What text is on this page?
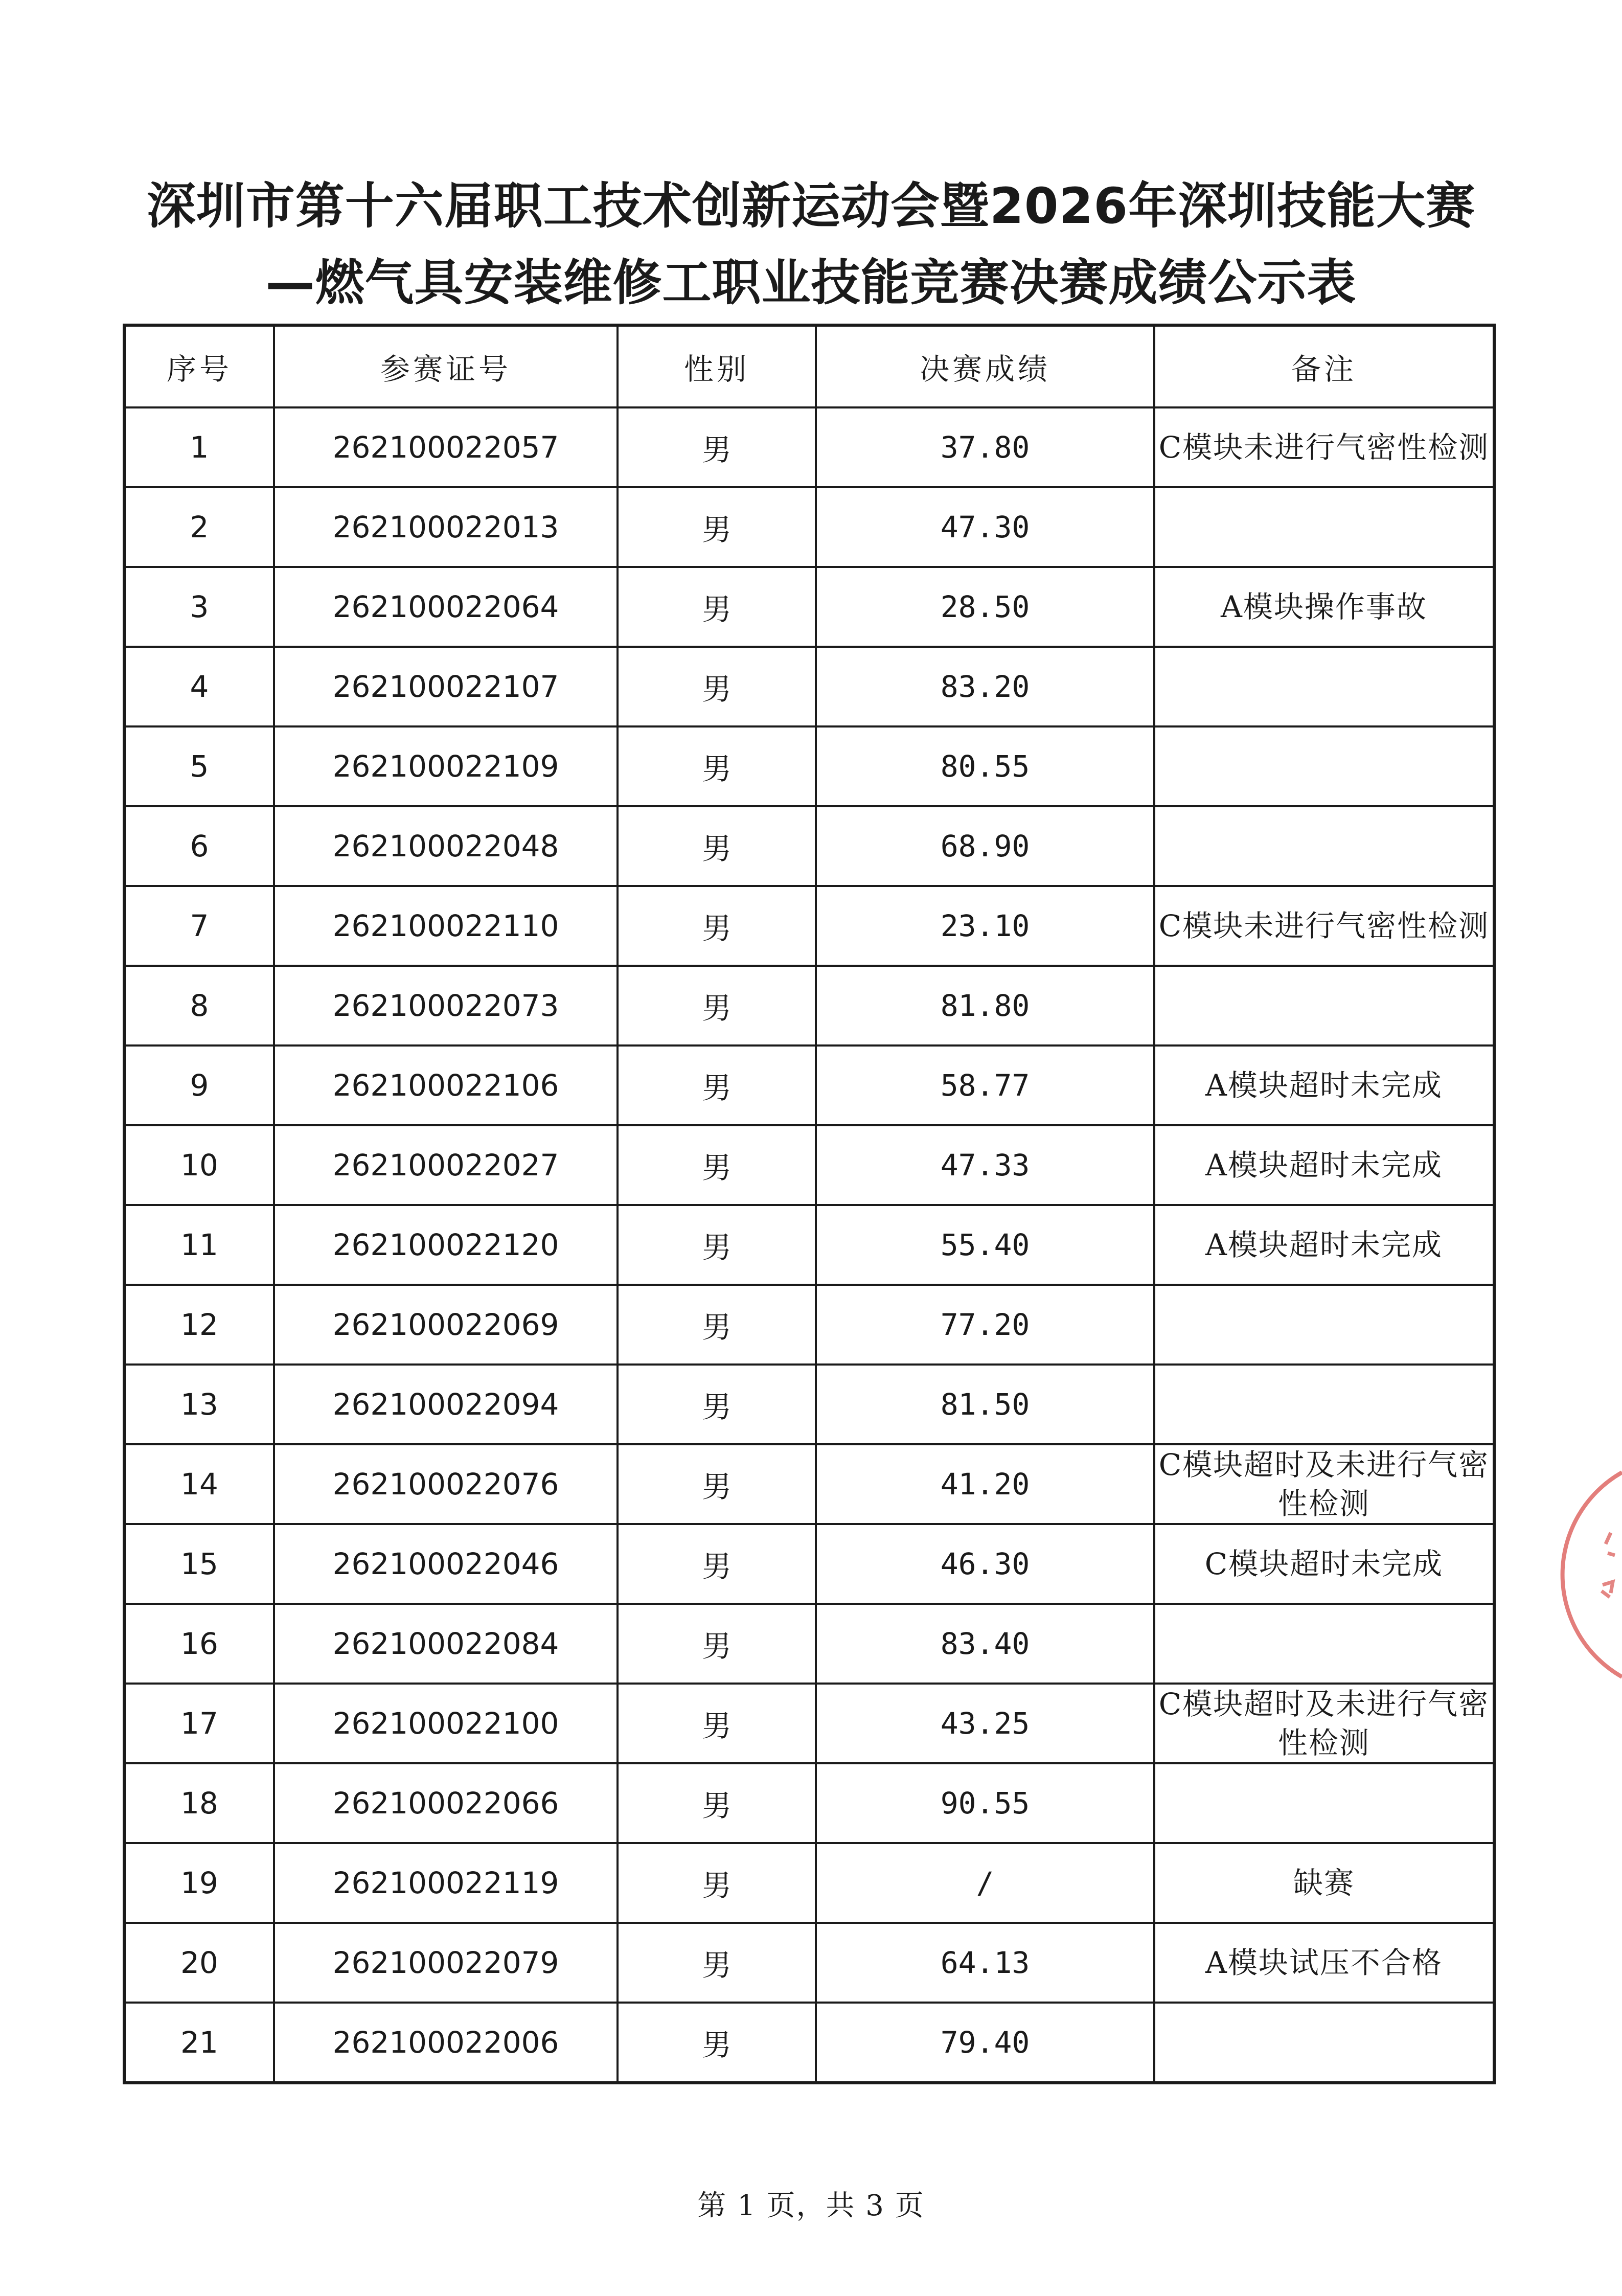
深圳市第十六届职工技术创新运动会暨2026年深圳技能大赛
—燃气具安装维修工职业技能竞赛决赛成绩公示表
序号	参赛证号	性别	决赛成绩	备注
1	262100022057	男	37.80	C模块未进行气密性检测
2	262100022013	男	47.30	
3	262100022064	男	28.50	A模块操作事故
4	262100022107	男	83.20	
5	262100022109	男	80.55	
6	262100022048	男	68.90	
7	262100022110	男	23.10	C模块未进行气密性检测
8	262100022073	男	81.80	
9	262100022106	男	58.77	A模块超时未完成
10	262100022027	男	47.33	A模块超时未完成
11	262100022120	男	55.40	A模块超时未完成
12	262100022069	男	77.20	
13	262100022094	男	81.50	
14	262100022076	男	41.20	C模块超时及未进行气密性检测
15	262100022046	男	46.30	C模块超时未完成
16	262100022084	男	83.40	
17	262100022100	男	43.25	C模块超时及未进行气密性检测
18	262100022066	男	90.55	
19	262100022119	男	/	缺赛
20	262100022079	男	64.13	A模块试压不合格
21	262100022006	男	79.40	
第 1 页，共 3 页
